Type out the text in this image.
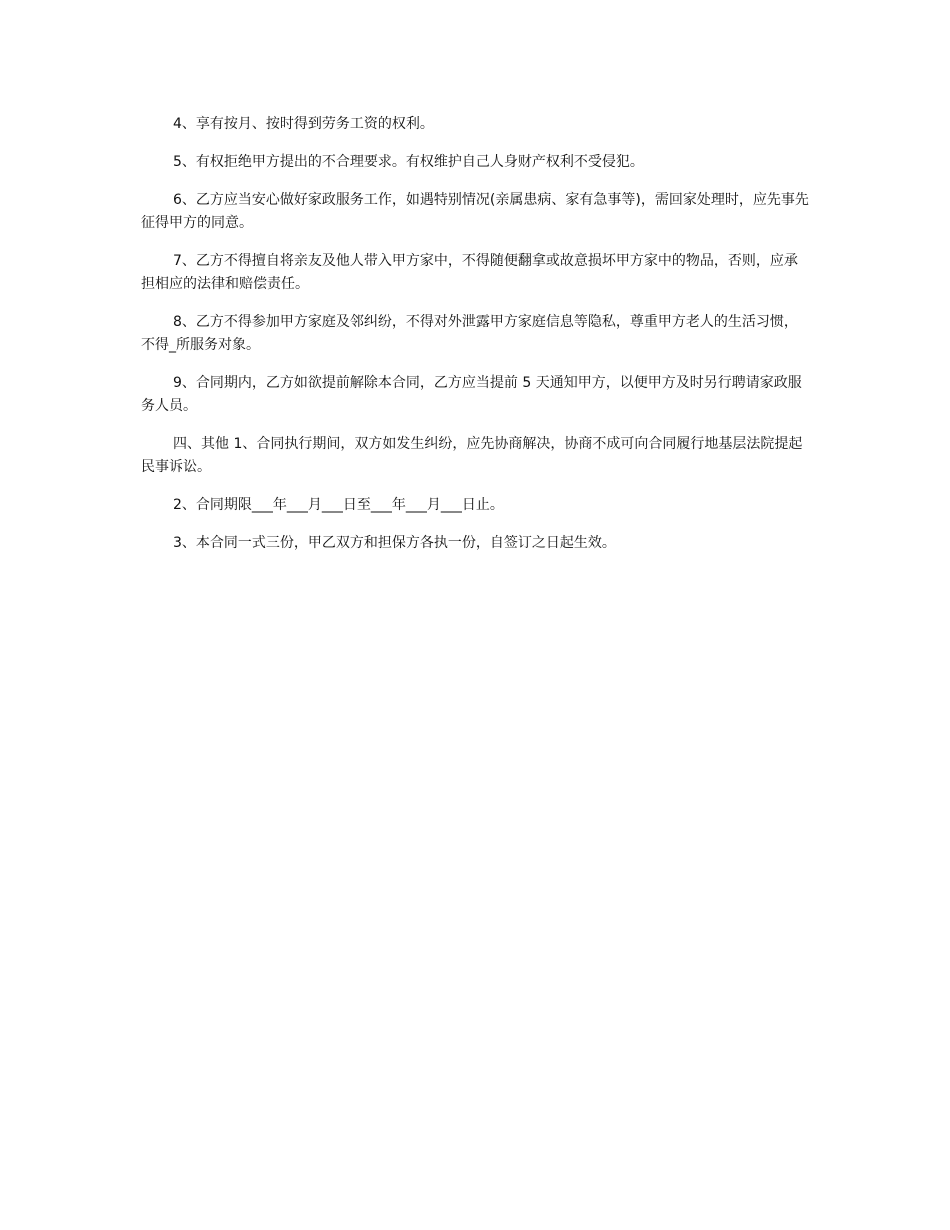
4、享有按月、按时得到劳务工资的权利。

5、有权拒绝甲方提出的不合理要求。有权维护自己人身财产权利不受侵犯。

6、乙方应当安心做好家政服务工作，如遇特别情况(亲属患病、家有急事等)，需回家处理时，应先事先征得甲方的同意。

7、乙方不得擅自将亲友及他人带入甲方家中，不得随便翻拿或故意损坏甲方家中的物品，否则，应承担相应的法律和赔偿责任。

8、乙方不得参加甲方家庭及邻纠纷，不得对外泄露甲方家庭信息等隐私，尊重甲方老人的生活习惯，不得_所服务对象。

9、合同期内，乙方如欲提前解除本合同，乙方应当提前 5 天通知甲方，以便甲方及时另行聘请家政服务人员。

四、其他 1、合同执行期间，双方如发生纠纷，应先协商解决，协商不成可向合同履行地基层法院提起民事诉讼。

2、合同期限___年___月___日至___年___月___日止。

3、本合同一式三份，甲乙双方和担保方各执一份，自签订之日起生效。
